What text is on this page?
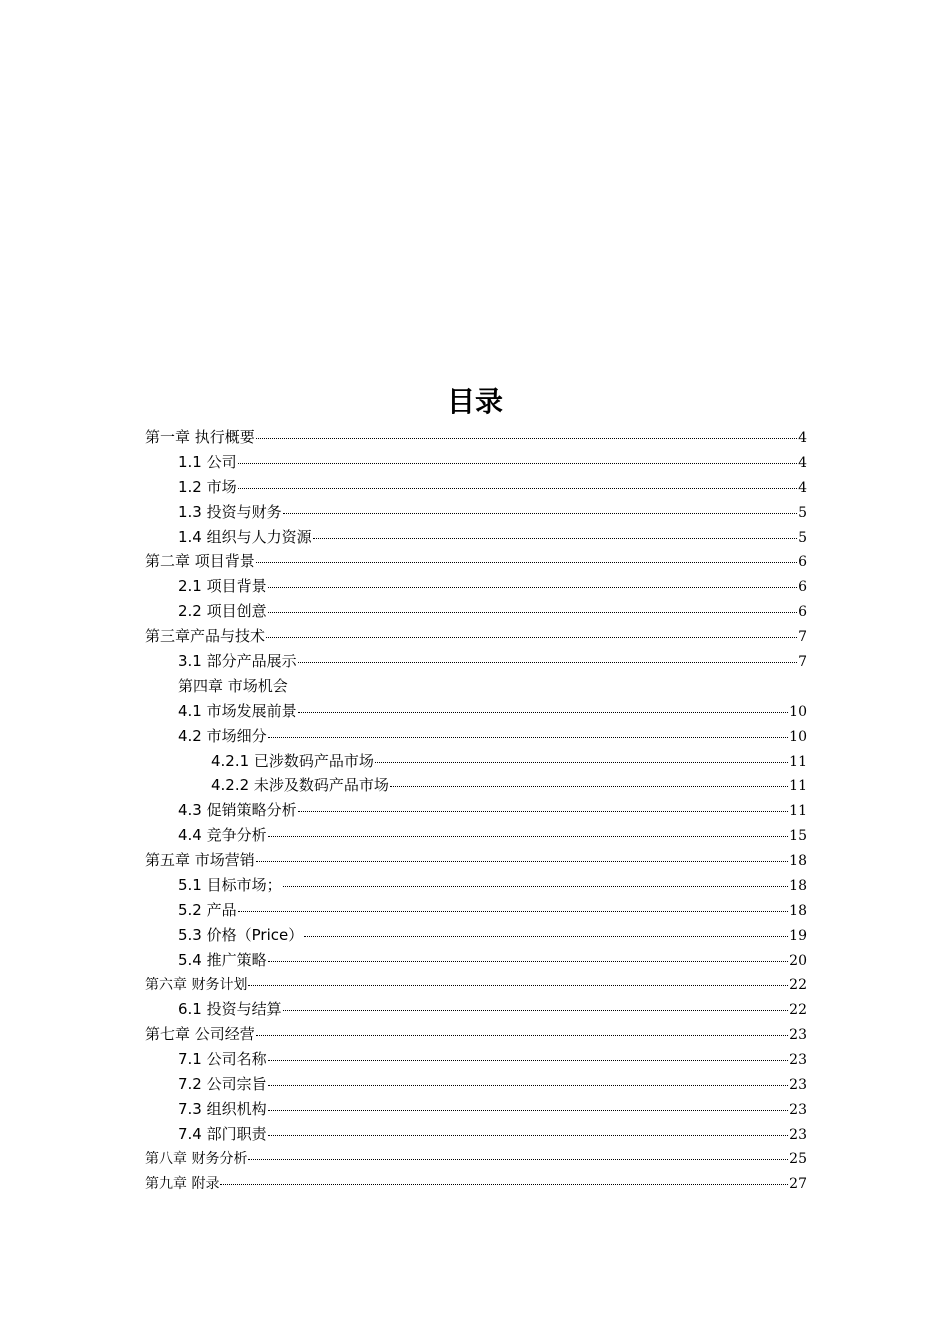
目录
第一章 执行概要	4
1.1 公司	4
1.2 市场	4
1.3 投资与财务	5
1.4 组织与人力资源	5
第二章 项目背景	6
2.1 项目背景	6
2.2 项目创意	6
第三章产品与技术	7
3.1 部分产品展示	7
第四章 市场机会
4.1 市场发展前景	10
4.2 市场细分	10
4.2.1 已涉数码产品市场	11
4.2.2 未涉及数码产品市场	11
4.3 促销策略分析	11
4.4 竞争分析	15
第五章 市场营销	18
5.1 目标市场；	18
5.2 产品	18
5.3 价格（Price）	19
5.4 推广策略	20
第六章 财务计划	22
6.1 投资与结算	22
第七章 公司经营	23
7.1 公司名称	23
7.2 公司宗旨	23
7.3 组织机构	23
7.4 部门职责	23
第八章 财务分析	25
第九章 附录	27
